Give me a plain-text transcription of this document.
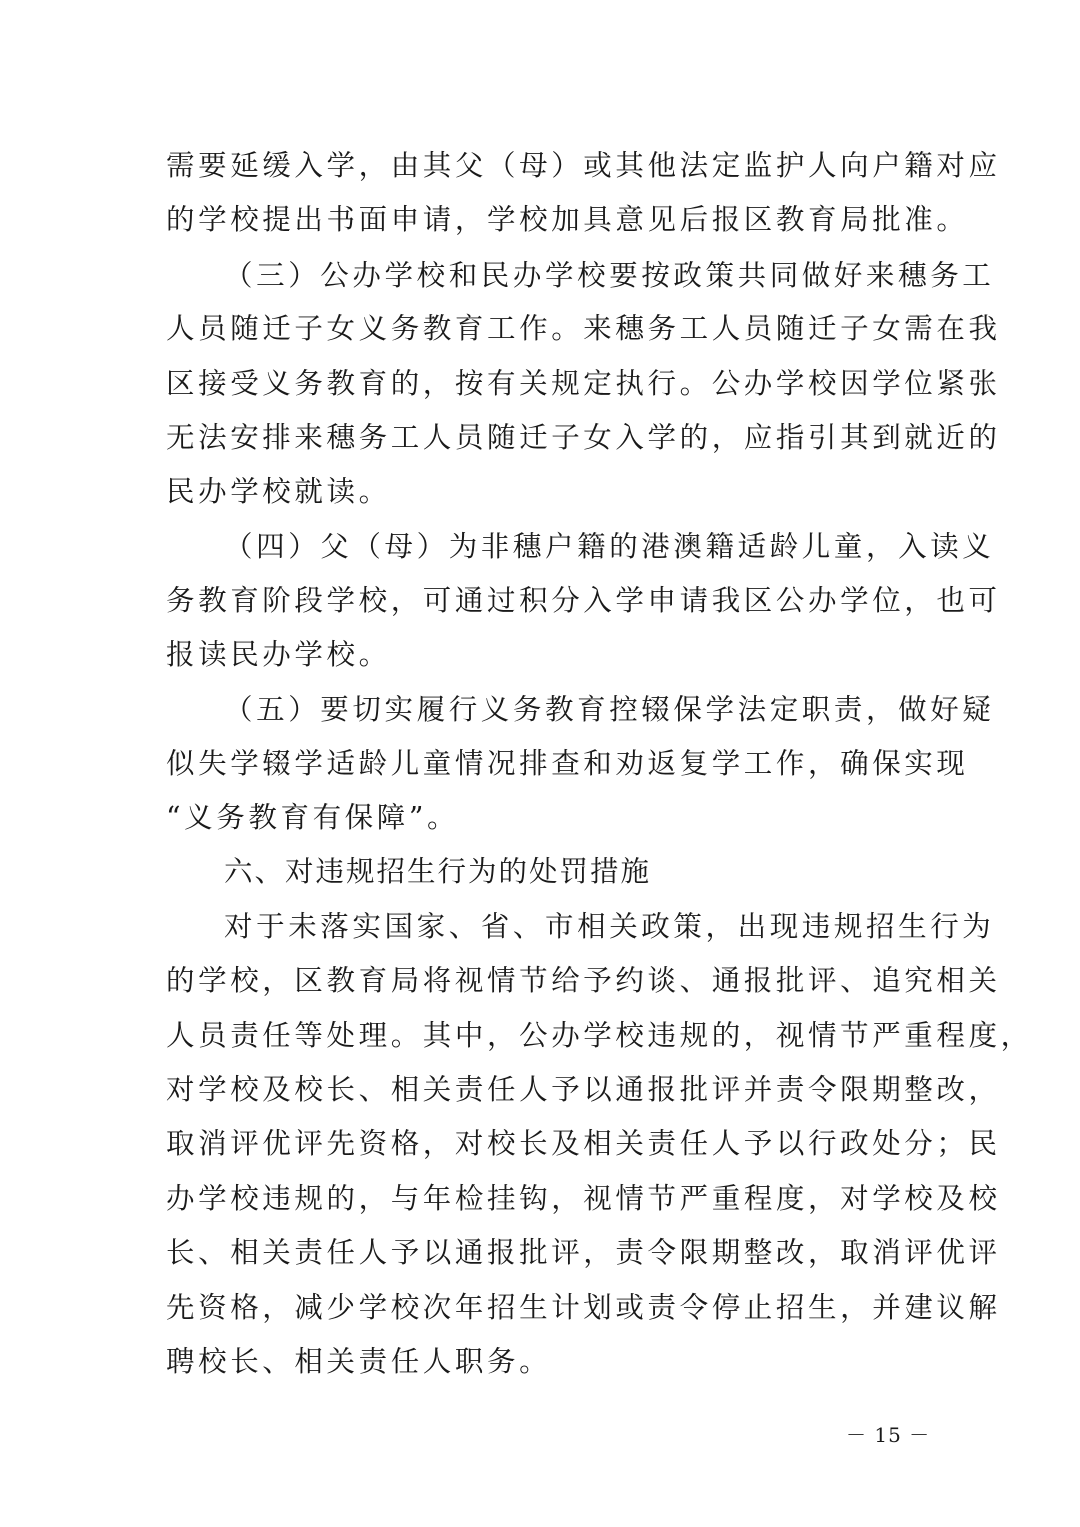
需要延缓入学，由其父（母）或其他法定监护人向户籍对应
的学校提出书面申请，学校加具意见后报区教育局批准。
（三）公办学校和民办学校要按政策共同做好来穗务工
人员随迁子女义务教育工作。来穗务工人员随迁子女需在我
区接受义务教育的，按有关规定执行。公办学校因学位紧张
无法安排来穗务工人员随迁子女入学的，应指引其到就近的
民办学校就读。
（四）父（母）为非穗户籍的港澳籍适龄儿童，入读义
务教育阶段学校，可通过积分入学申请我区公办学位，也可
报读民办学校。
（五）要切实履行义务教育控辍保学法定职责，做好疑
似失学辍学适龄儿童情况排查和劝返复学工作，确保实现
“义务教育有保障”。
六、对违规招生行为的处罚措施
对于未落实国家、省、市相关政策，出现违规招生行为
的学校，区教育局将视情节给予约谈、通报批评、追究相关
人员责任等处理。其中，公办学校违规的，视情节严重程度，
对学校及校长、相关责任人予以通报批评并责令限期整改，
取消评优评先资格，对校长及相关责任人予以行政处分；民
办学校违规的，与年检挂钩，视情节严重程度，对学校及校
长、相关责任人予以通报批评，责令限期整改，取消评优评
先资格，减少学校次年招生计划或责令停止招生，并建议解
聘校长、相关责任人职务。
－ 15 －
